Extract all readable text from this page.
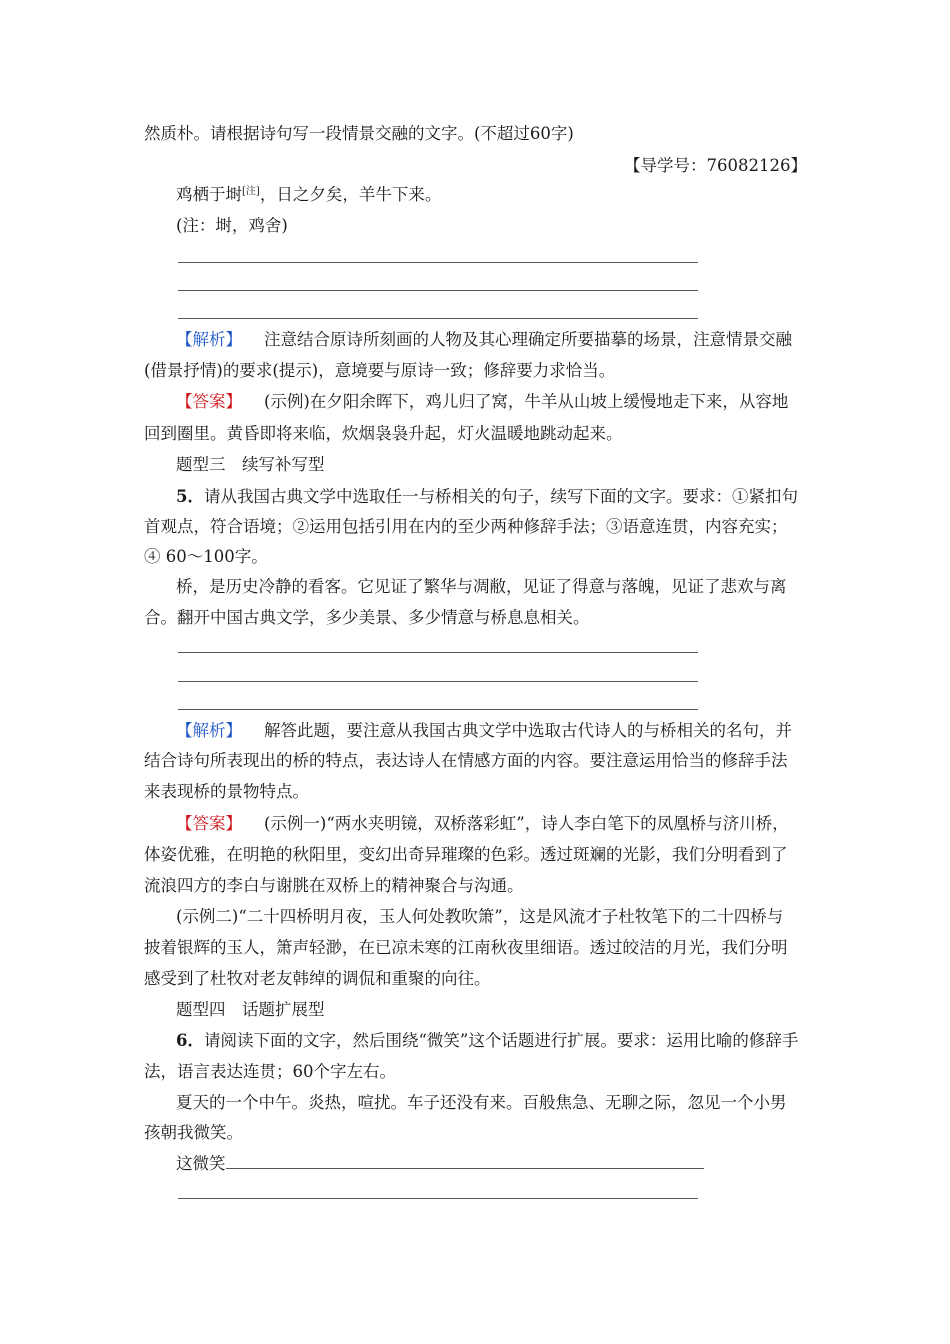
然质朴。请根据诗句写一段情景交融的文字。(不超过60字)
【导学号：76082126】
鸡栖于埘[注]，日之夕矣，羊牛下来。
(注：埘，鸡舍)
【解析】 注意结合原诗所刻画的人物及其心理确定所要描摹的场景，注意情景交融
(借景抒情)的要求(提示)，意境要与原诗一致；修辞要力求恰当。
【答案】 (示例)在夕阳余晖下，鸡儿归了窝，牛羊从山坡上缓慢地走下来，从容地
回到圈里。黄昏即将来临，炊烟袅袅升起，灯火温暖地跳动起来。
题型三　续写补写型
5．请从我国古典文学中选取任一与桥相关的句子，续写下面的文字。要求：①紧扣句
首观点，符合语境；②运用包括引用在内的至少两种修辞手法；③语意连贯，内容充实；
④ 60～100字。
桥，是历史冷静的看客。它见证了繁华与凋敝，见证了得意与落魄，见证了悲欢与离
合。翻开中国古典文学，多少美景、多少情意与桥息息相关。
【解析】 解答此题，要注意从我国古典文学中选取古代诗人的与桥相关的名句，并
结合诗句所表现出的桥的特点，表达诗人在情感方面的内容。要注意运用恰当的修辞手法
来表现桥的景物特点。
【答案】 (示例一)“两水夹明镜，双桥落彩虹”，诗人李白笔下的凤凰桥与济川桥，
体姿优雅，在明艳的秋阳里，变幻出奇异璀璨的色彩。透过斑斓的光影，我们分明看到了
流浪四方的李白与谢朓在双桥上的精神聚合与沟通。
(示例二)“二十四桥明月夜，玉人何处教吹箫”，这是风流才子杜牧笔下的二十四桥与
披着银辉的玉人，箫声轻渺，在已凉未寒的江南秋夜里细语。透过皎洁的月光，我们分明
感受到了杜牧对老友韩绰的调侃和重聚的向往。
题型四　话题扩展型
6．请阅读下面的文字，然后围绕“微笑”这个话题进行扩展。要求：运用比喻的修辞手
法，语言表达连贯；60个字左右。
夏天的一个中午。炎热，喧扰。车子还没有来。百般焦急、无聊之际，忽见一个小男
孩朝我微笑。
这微笑
